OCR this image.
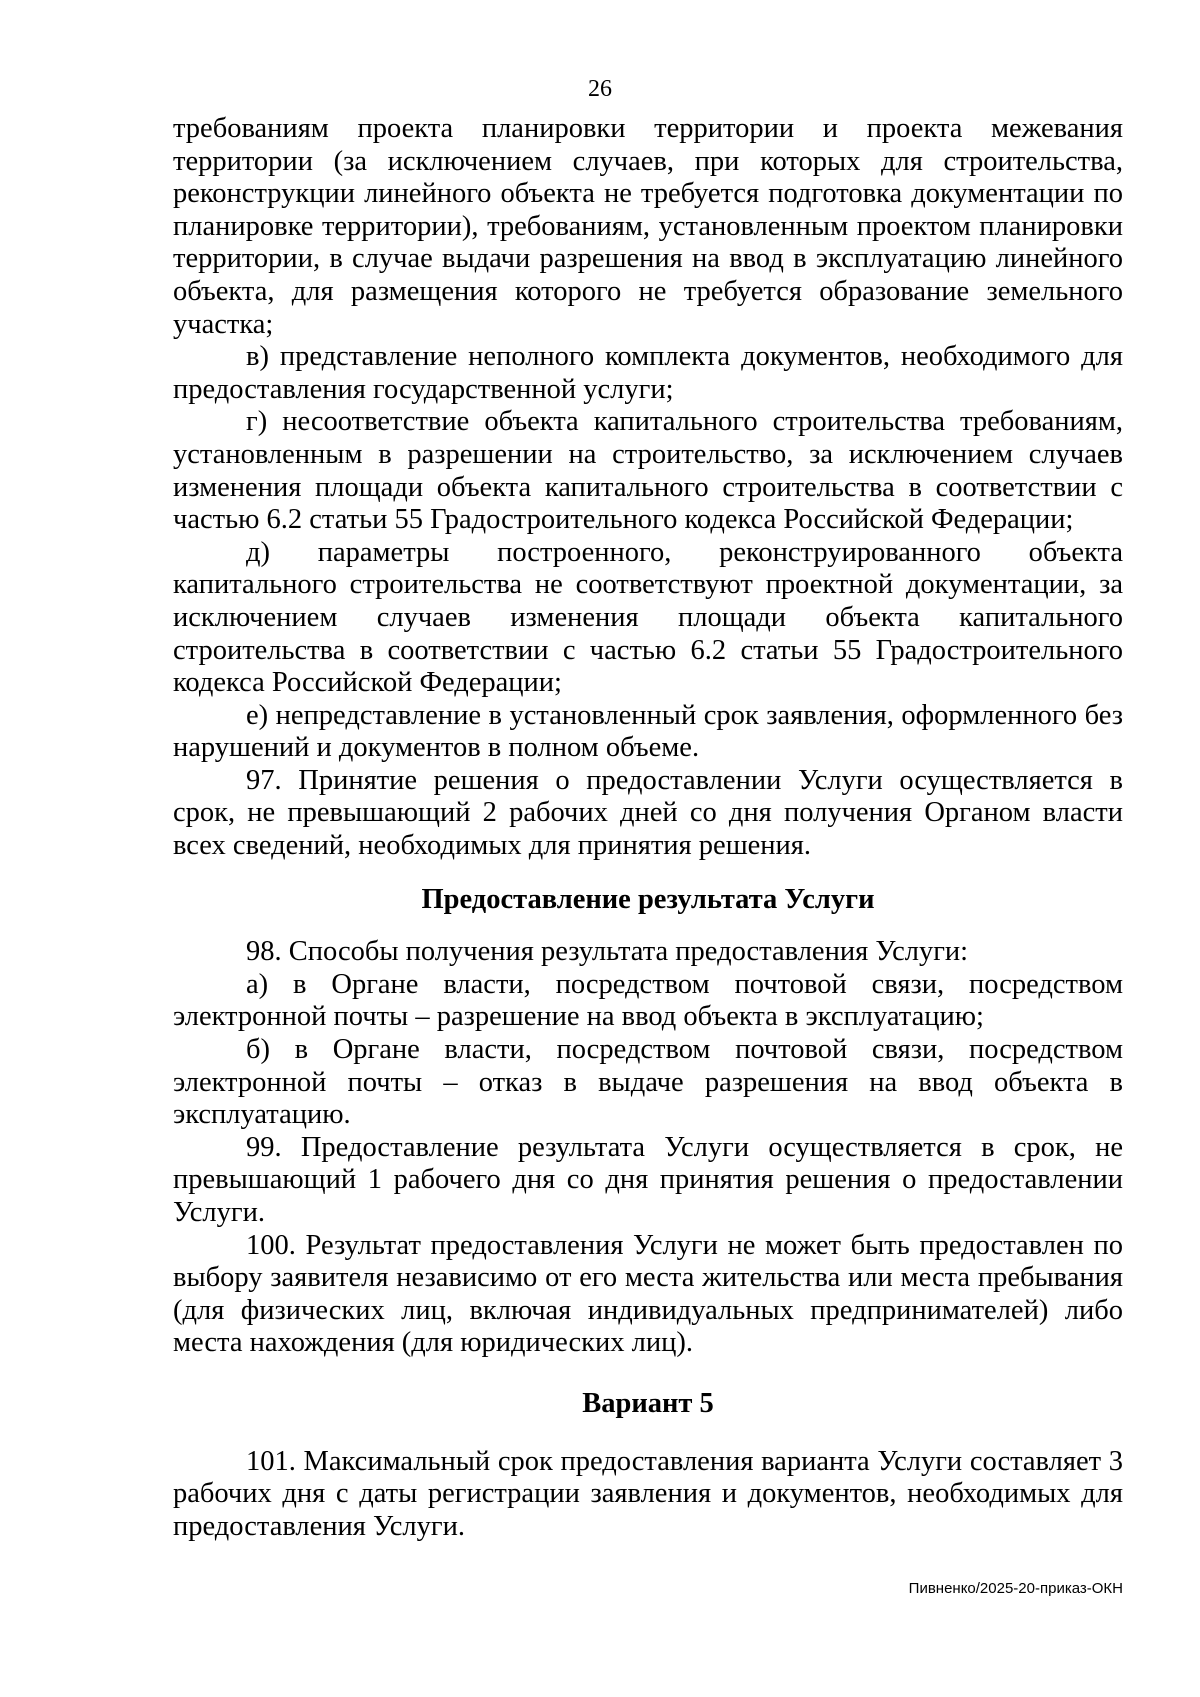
26

требованиям проекта планировки территории и проекта межевания территории (за исключением случаев, при которых для строительства, реконструкции линейного объекта не требуется подготовка документации по планировке территории), требованиям, установленным проектом планировки территории, в случае выдачи разрешения на ввод в эксплуатацию линейного объекта, для размещения которого не требуется образование земельного участка;

в) представление неполного комплекта документов, необходимого для предоставления государственной услуги;

г) несоответствие объекта капитального строительства требованиям, установленным в разрешении на строительство, за исключением случаев изменения площади объекта капитального строительства в соответствии с частью 6.2 статьи 55 Градостроительного кодекса Российской Федерации;

д) параметры построенного, реконструированного объекта капитального строительства не соответствуют проектной документации, за исключением случаев изменения площади объекта капитального строительства в соответствии с частью 6.2 статьи 55 Градостроительного кодекса Российской Федерации;

е) непредставление в установленный срок заявления, оформленного без нарушений и документов в полном объеме.

97. Принятие решения о предоставлении Услуги осуществляется в срок, не превышающий 2 рабочих дней со дня получения Органом власти всех сведений, необходимых для принятия решения.

Предоставление результата Услуги

98. Способы получения результата предоставления Услуги:

а) в Органе власти, посредством почтовой связи, посредством электронной почты – разрешение на ввод объекта в эксплуатацию;

б) в Органе власти, посредством почтовой связи, посредством электронной почты – отказ в выдаче разрешения на ввод объекта в эксплуатацию.

99. Предоставление результата Услуги осуществляется в срок, не превышающий 1 рабочего дня со дня принятия решения о предоставлении Услуги.

100. Результат предоставления Услуги не может быть предоставлен по выбору заявителя независимо от его места жительства или места пребывания (для физических лиц, включая индивидуальных предпринимателей) либо места нахождения (для юридических лиц).

Вариант 5

101. Максимальный срок предоставления варианта Услуги составляет 3 рабочих дня с даты регистрации заявления и документов, необходимых для предоставления Услуги.

Пивненко/2025-20-приказ-ОКН
